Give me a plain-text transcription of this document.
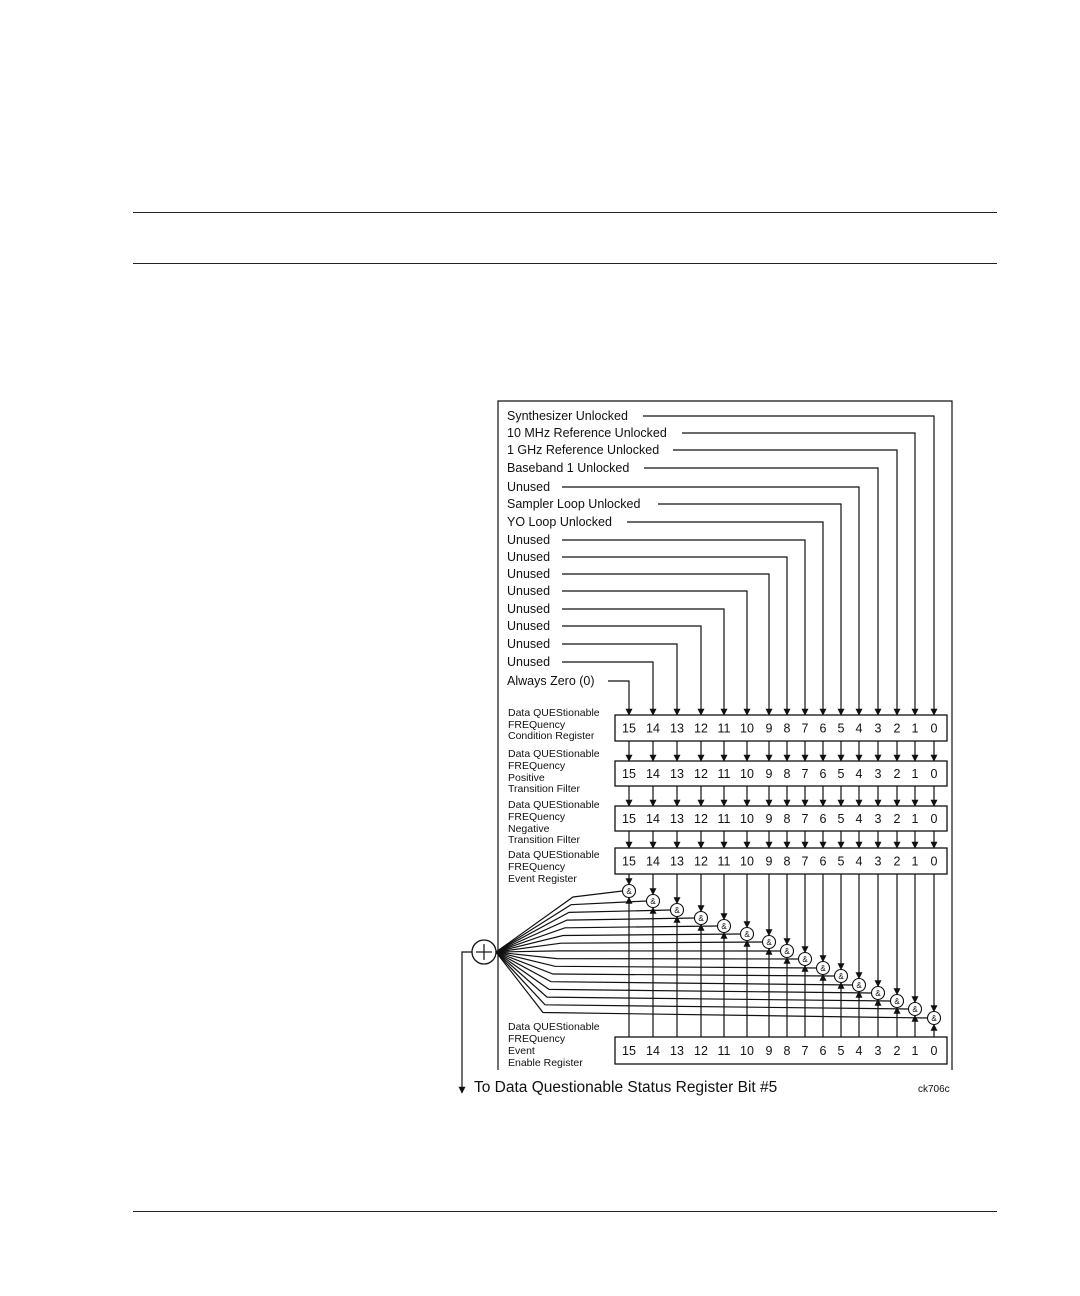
&
&
&
&
&
&
&
&
&
&
&
&
&
&
&
&
Synthesizer Unlocked
10 MHz Reference Unlocked
1 GHz Reference Unlocked
Baseband 1 Unlocked
Unused
Sampler Loop Unlocked
YO Loop Unlocked
Unused
Unused
Unused
Unused
Unused
Unused
Unused
Unused
Always Zero (0)
Data QUEStionable
FREQuency
Condition Register
15 14 13 12 11 10 9 8 7 6 5 4 3 2 1 0
Data QUEStionable
FREQuency
Positive
Transition Filter
15 14 13 12 11 10 9 8 7 6 5 4 3 2 1 0
Data QUEStionable
FREQuency
Negative
Transition Filter
15 14 13 12 11 10 9 8 7 6 5 4 3 2 1 0
Data QUEStionable
FREQuency
Event Register
15 14 13 12 11 10 9 8 7 6 5 4 3 2 1 0
Data QUEStionable
FREQuency
Event
Enable Register
15 14 13 12 11 10 9 8 7 6 5 4 3 2 1 0
To Data Questionable Status Register Bit #5	ck706c
